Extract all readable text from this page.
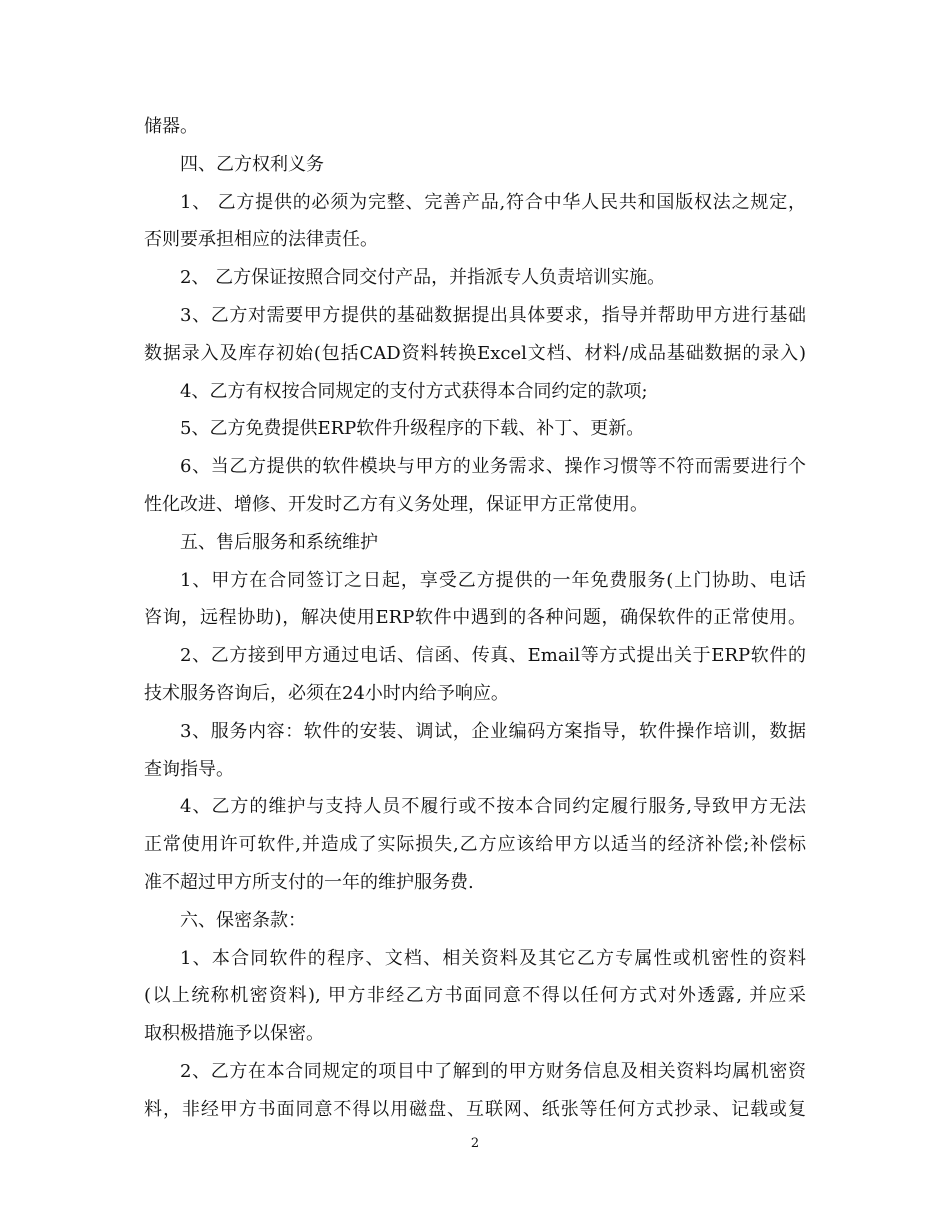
储器。
四、乙方权利义务
1、 乙方提供的必须为完整、完善产品,符合中华人民共和国版权法之规定，
否则要承担相应的法律责任。
2、 乙方保证按照合同交付产品，并指派专人负责培训实施。
3、乙方对需要甲方提供的基础数据提出具体要求，指导并帮助甲方进行基础
数据录入及库存初始(包括CAD资料转换Excel文档、材料/成品基础数据的录入)
4、乙方有权按合同规定的支付方式获得本合同约定的款项;
5、乙方免费提供ERP软件升级程序的下载、补丁、更新。
6、当乙方提供的软件模块与甲方的业务需求、操作习惯等不符而需要进行个
性化改进、增修、开发时乙方有义务处理，保证甲方正常使用。
五、售后服务和系统维护
1、甲方在合同签订之日起，享受乙方提供的一年免费服务(上门协助、电话
咨询，远程协助)，解决使用ERP软件中遇到的各种问题，确保软件的正常使用。
2、乙方接到甲方通过电话、信函、传真、Email等方式提出关于ERP软件的
技术服务咨询后，必须在24小时内给予响应。
3、服务内容：软件的安装、调试，企业编码方案指导，软件操作培训，数据
查询指导。
4、乙方的维护与支持人员不履行或不按本合同约定履行服务,导致甲方无法
正常使用许可软件,并造成了实际损失,乙方应该给甲方以适当的经济补偿;补偿标
准不超过甲方所支付的一年的维护服务费.
六、保密条款：
1、本合同软件的程序、文档、相关资料及其它乙方专属性或机密性的资料
(以上统称机密资料), 甲方非经乙方书面同意不得以任何方式对外透露, 并应采
取积极措施予以保密。
2、乙方在本合同规定的项目中了解到的甲方财务信息及相关资料均属机密资
料，非经甲方书面同意不得以用磁盘、互联网、纸张等任何方式抄录、记载或复
2
